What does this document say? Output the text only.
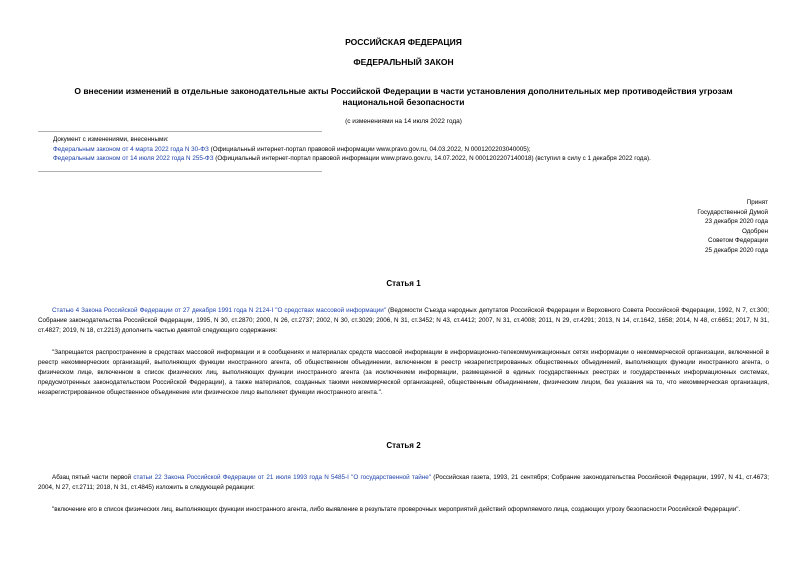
РОССИЙСКАЯ ФЕДЕРАЦИЯ
ФЕДЕРАЛЬНЫЙ ЗАКОН
О внесении изменений в отдельные законодательные акты Российской Федерации в части установления дополнительных мер противодействия угрозам национальной безопасности
(с изменениями на 14 июля 2022 года)
Документ с изменениями, внесенными:
Федеральным законом от 4 марта 2022 года N 30-ФЗ (Официальный интернет-портал правовой информации www.pravo.gov.ru, 04.03.2022, N 0001202203040005);
Федеральным законом от 14 июля 2022 года N 255-ФЗ (Официальный интернет-портал правовой информации www.pravo.gov.ru, 14.07.2022, N 0001202207140018) (вступил в силу с 1 декабря 2022 года).
Принят
Государственной Думой
23 декабря 2020 года
Одобрен
Советом Федерации
25 декабря 2020 года
Статья 1
Статью 4 Закона Российской Федерации от 27 декабря 1991 года N 2124-I "О средствах массовой информации" (Ведомости Съезда народных депутатов Российской Федерации и Верховного Совета Российской Федерации, 1992, N 7, ст.300; Собрание законодательства Российской Федерации, 1995, N 30, ст.2870; 2000, N 26, ст.2737; 2002, N 30, ст.3029; 2006, N 31, ст.3452; N 43, ст.4412; 2007, N 31, ст.4008; 2011, N 29, ст.4291; 2013, N 14, ст.1642, 1658; 2014, N 48, ст.6651; 2017, N 31, ст.4827; 2019, N 18, ст.2213) дополнить частью девятой следующего содержания:
"Запрещается распространение в средствах массовой информации и в сообщениях и материалах средств массовой информации в информационно-телекоммуникационных сетях информации о некоммерческой организации, включенной в реестр некоммерческих организаций, выполняющих функции иностранного агента, об общественном объединении, включенном в реестр незарегистрированных общественных объединений, выполняющих функции иностранного агента, о физическом лице, включенном в список физических лиц, выполняющих функции иностранного агента (за исключением информации, размещенной в единых государственных реестрах и государственных информационных системах, предусмотренных законодательством Российской Федерации), а также материалов, созданных такими некоммерческой организацией, общественным объединением, физическим лицом, без указания на то, что некоммерческая организация, незарегистрированное общественное объединение или физическое лицо выполняет функции иностранного агента.".
Статья 2
Абзац пятый части первой статьи 22 Закона Российской Федерации от 21 июля 1993 года N 5485-I "О государственной тайне" (Российская газета, 1993, 21 сентября; Собрание законодательства Российской Федерации, 1997, N 41, ст.4673; 2004, N 27, ст.2711; 2018, N 31, ст.4845) изложить в следующей редакции:
"включение его в список физических лиц, выполняющих функции иностранного агента, либо выявление в результате проверочных мероприятий действий оформляемого лица, создающих угрозу безопасности Российской Федерации".
